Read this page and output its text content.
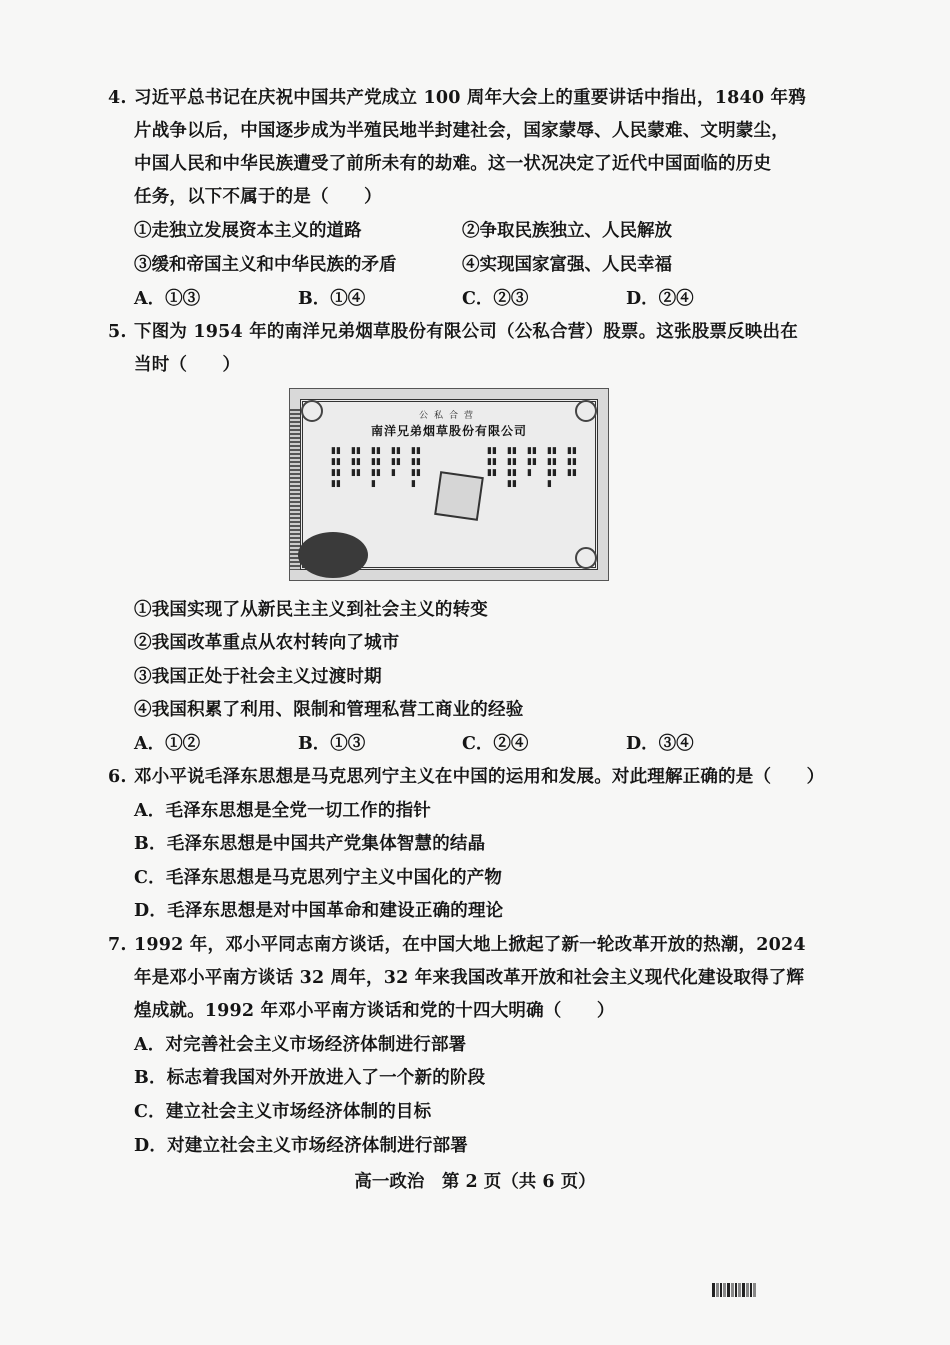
4. 习近平总书记在庆祝中国共产党成立 100 周年大会上的重要讲话中指出，1840 年鸦
片战争以后，中国逐步成为半殖民地半封建社会，国家蒙辱、人民蒙难、文明蒙尘，
中国人民和中华民族遭受了前所未有的劫难。这一状况决定了近代中国面临的历史
任务，以下不属于的是（　　）
①走独立发展资本主义的道路	②争取民族独立、人民解放
③缓和帝国主义和中华民族的矛盾	④实现国家富强、人民幸福
A．①③	B．①④	C．②③	D．②④
5. 下图为 1954 年的南洋兄弟烟草股份有限公司（公私合营）股票。这张股票反映出在
当时（　　）
公私合营
南洋兄弟烟草股份有限公司
▮▮▮▮▮▮▮▮
▮▮▮▮▮▮
▮▮▮▮▮▮▮
▮▮▮▮▮
▮▮▮▮▮▮▮
▮▮▮▮▮▮
▮▮▮▮▮▮▮▮
▮▮▮▮▮
▮▮▮▮▮▮▮
▮▮▮▮▮▮
①我国实现了从新民主主义到社会主义的转变
②我国改革重点从农村转向了城市
③我国正处于社会主义过渡时期
④我国积累了利用、限制和管理私营工商业的经验
A．①②	B．①③	C．②④	D．③④
6. 邓小平说毛泽东思想是马克思列宁主义在中国的运用和发展。对此理解正确的是（　　）
A．毛泽东思想是全党一切工作的指针
B．毛泽东思想是中国共产党集体智慧的结晶
C．毛泽东思想是马克思列宁主义中国化的产物
D．毛泽东思想是对中国革命和建设正确的理论
7. 1992 年，邓小平同志南方谈话，在中国大地上掀起了新一轮改革开放的热潮，2024
年是邓小平南方谈话 32 周年，32 年来我国改革开放和社会主义现代化建设取得了辉
煌成就。1992 年邓小平南方谈话和党的十四大明确（　　）
A．对完善社会主义市场经济体制进行部署
B．标志着我国对外开放进入了一个新的阶段
C．建立社会主义市场经济体制的目标
D．对建立社会主义市场经济体制进行部署
高一政治　第 2 页（共 6 页）
